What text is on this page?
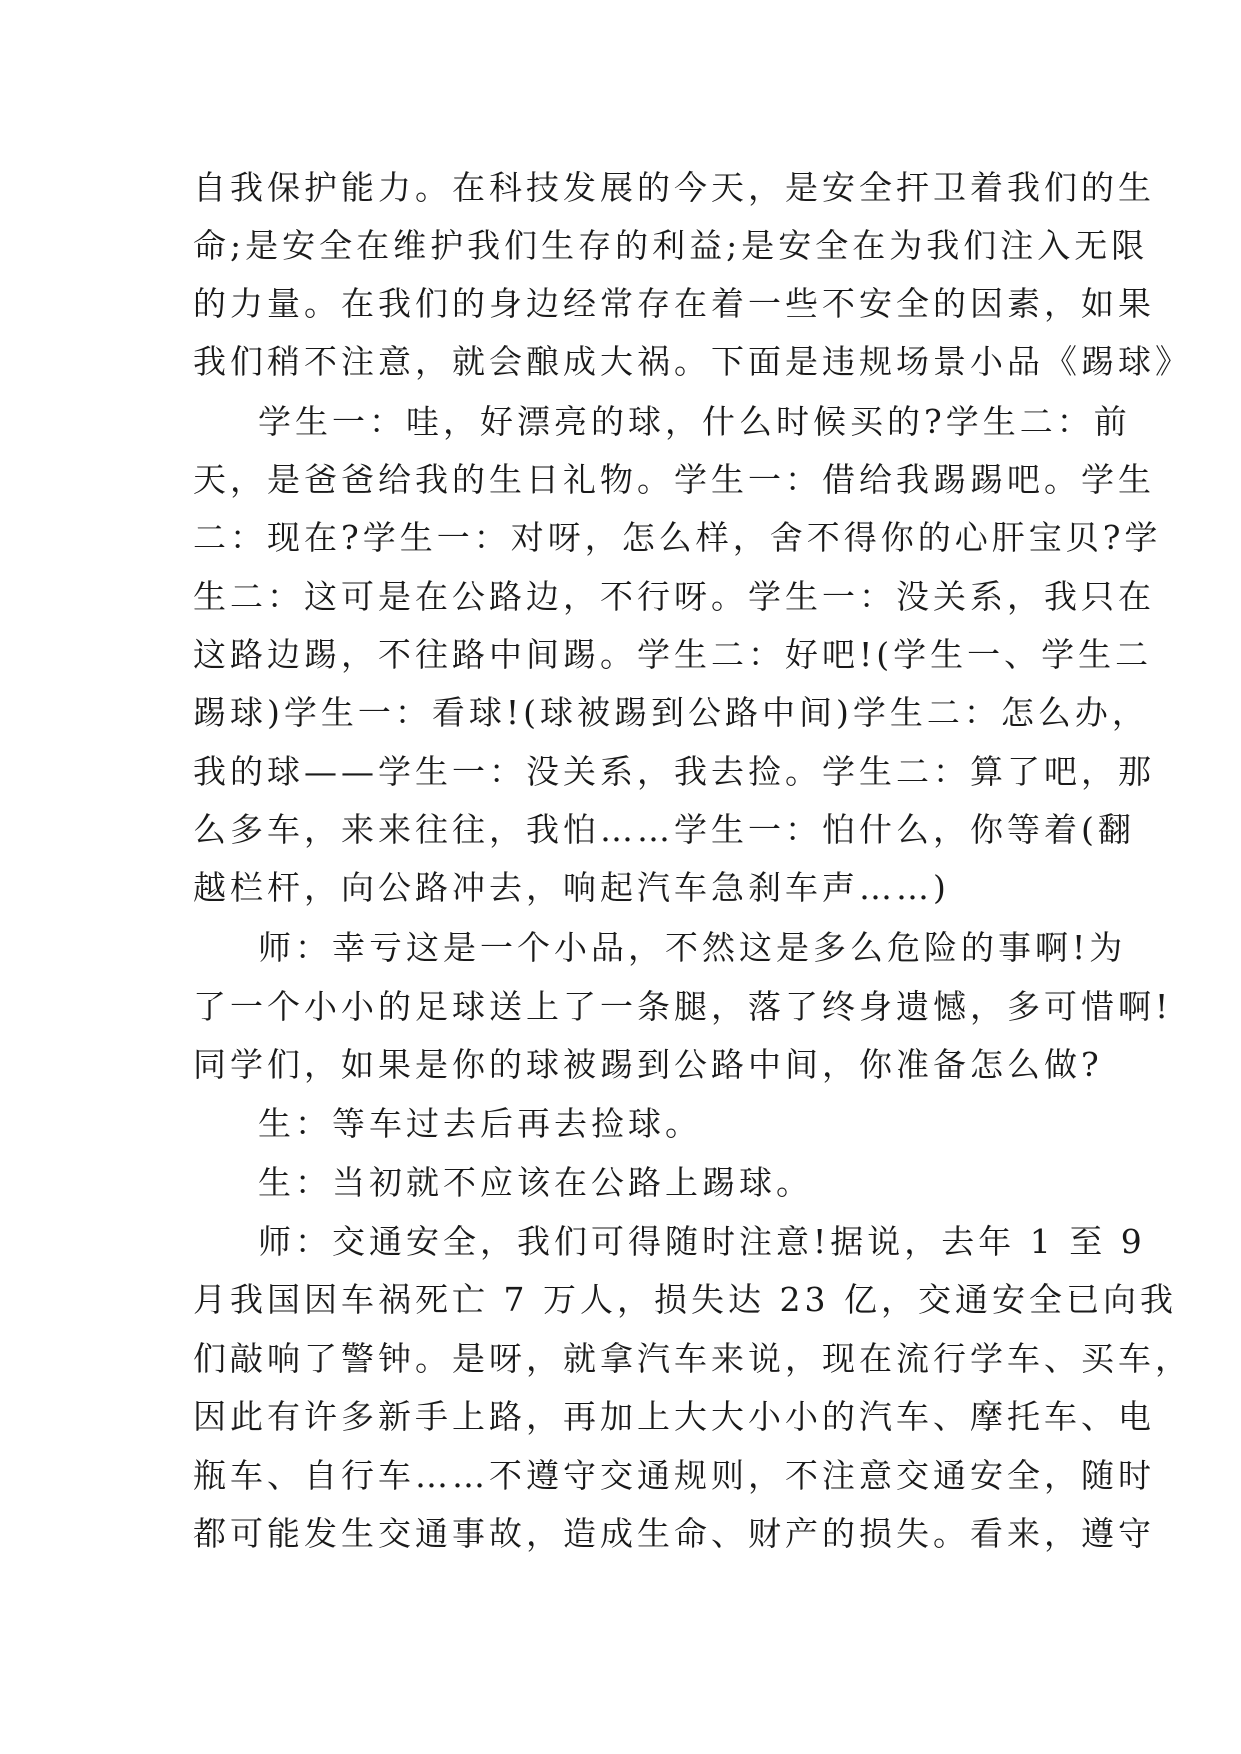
自我保护能力。在科技发展的今天，是安全扞卫着我们的生
命;是安全在维护我们生存的利益;是安全在为我们注入无限
的力量。在我们的身边经常存在着一些不安全的因素，如果
我们稍不注意，就会酿成大祸。下面是违规场景小品《踢球》
学生一：哇，好漂亮的球，什么时候买的?学生二：前
天，是爸爸给我的生日礼物。学生一：借给我踢踢吧。学生
二：现在?学生一：对呀，怎么样，舍不得你的心肝宝贝?学
生二：这可是在公路边，不行呀。学生一：没关系，我只在
这路边踢，不往路中间踢。学生二：好吧!(学生一、学生二
踢球)学生一：看球!(球被踢到公路中间)学生二：怎么办，
我的球——学生一：没关系，我去捡。学生二：算了吧，那
么多车，来来往往，我怕……学生一：怕什么，你等着(翻
越栏杆，向公路冲去，响起汽车急刹车声……)
师：幸亏这是一个小品，不然这是多么危险的事啊!为
了一个小小的足球送上了一条腿，落了终身遗憾，多可惜啊!
同学们，如果是你的球被踢到公路中间，你准备怎么做?
生：等车过去后再去捡球。
生：当初就不应该在公路上踢球。
师：交通安全，我们可得随时注意!据说，去年 1 至 9
月我国因车祸死亡 7 万人，损失达 23 亿，交通安全已向我
们敲响了警钟。是呀，就拿汽车来说，现在流行学车、买车，
因此有许多新手上路，再加上大大小小的汽车、摩托车、电
瓶车、自行车……不遵守交通规则，不注意交通安全，随时
都可能发生交通事故，造成生命、财产的损失。看来，遵守
